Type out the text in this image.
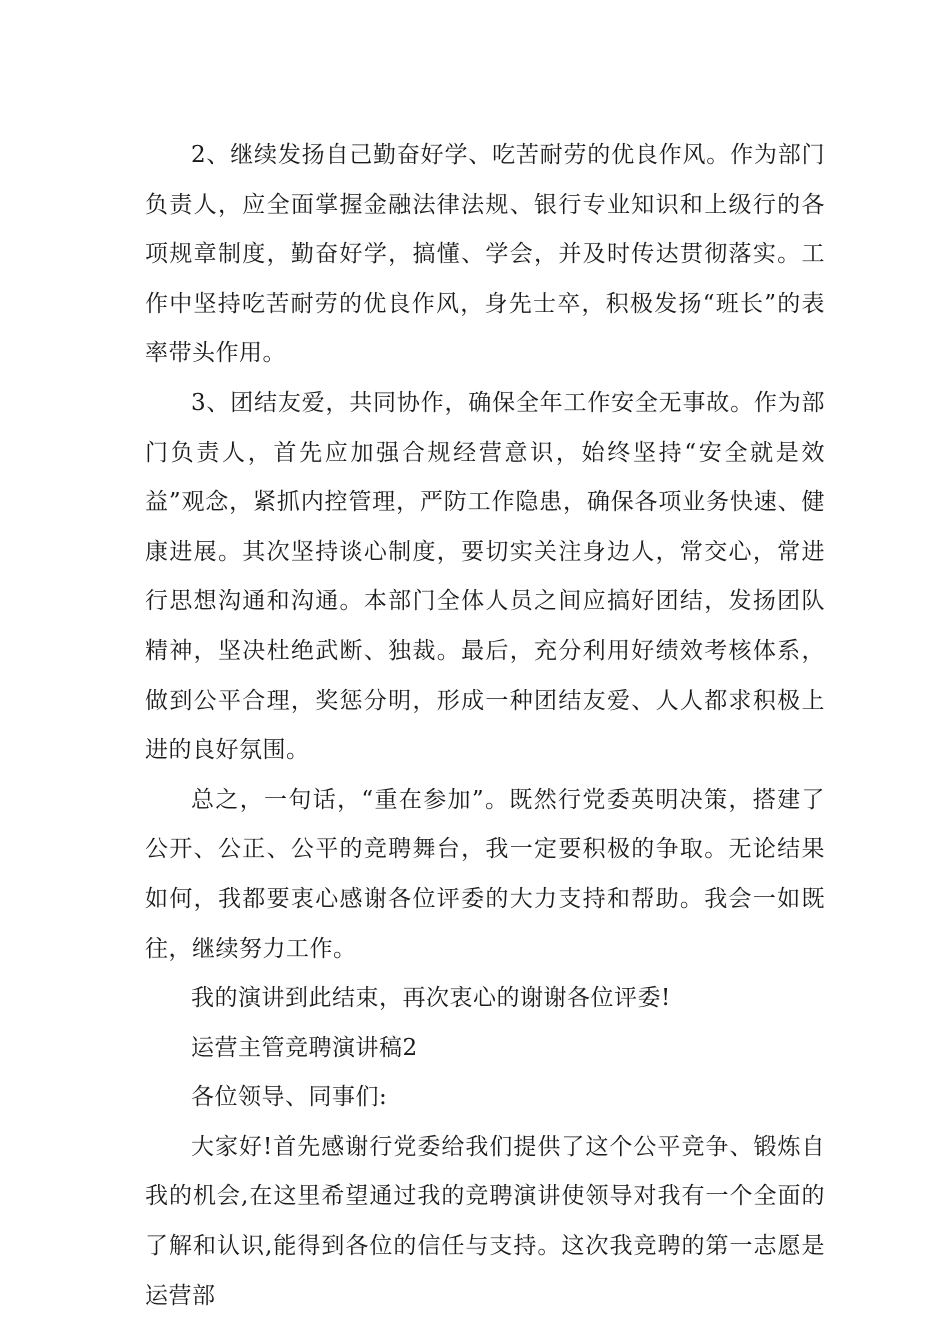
2、继续发扬自己勤奋好学、吃苦耐劳的优良作风。作为部门负责人，应全面掌握金融法律法规、银行专业知识和上级行的各项规章制度，勤奋好学，搞懂、学会，并及时传达贯彻落实。工作中坚持吃苦耐劳的优良作风，身先士卒，积极发扬“班长”的表率带头作用。

3、团结友爱，共同协作，确保全年工作安全无事故。作为部门负责人，首先应加强合规经营意识，始终坚持“安全就是效益”观念，紧抓内控管理，严防工作隐患，确保各项业务快速、健康进展。其次坚持谈心制度，要切实关注身边人，常交心，常进行思想沟通和沟通。本部门全体人员之间应搞好团结，发扬团队精神，坚决杜绝武断、独裁。最后，充分利用好绩效考核体系，做到公平合理，奖惩分明，形成一种团结友爱、人人都求积极上进的良好氛围。

总之，一句话，“重在参加”。既然行党委英明决策，搭建了公开、公正、公平的竞聘舞台，我一定要积极的争取。无论结果如何，我都要衷心感谢各位评委的大力支持和帮助。我会一如既往，继续努力工作。

我的演讲到此结束，再次衷心的谢谢各位评委!

运营主管竞聘演讲稿2

各位领导、同事们:

大家好!首先感谢行党委给我们提供了这个公平竞争、锻炼自我的机会,在这里希望通过我的竞聘演讲使领导对我有一个全面的了解和认识,能得到各位的信任与支持。这次我竞聘的第一志愿是运营部
